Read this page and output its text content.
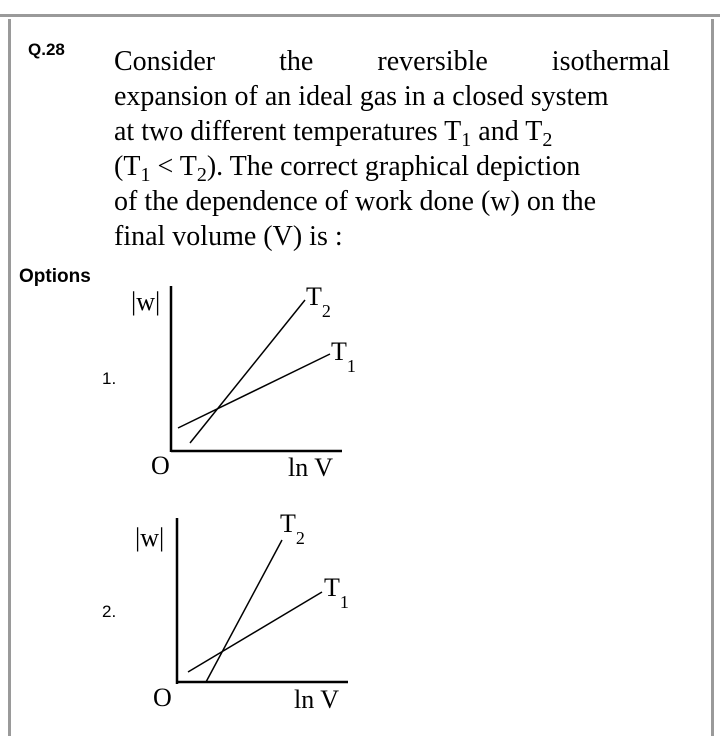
Q.28 Consider the reversible isothermal
expansion of an ideal gas in a closed system
at two different temperatures $T_1$ and $T_2$
$(T_1 < T_2)$. The correct graphical depiction
of the dependence of work done (w) on the
final volume (V) is :
Options
1.
2.
|w|
O	ln V
$T_2$
$T_1$
|w|
O	ln V
$T_2$
$T_1$
